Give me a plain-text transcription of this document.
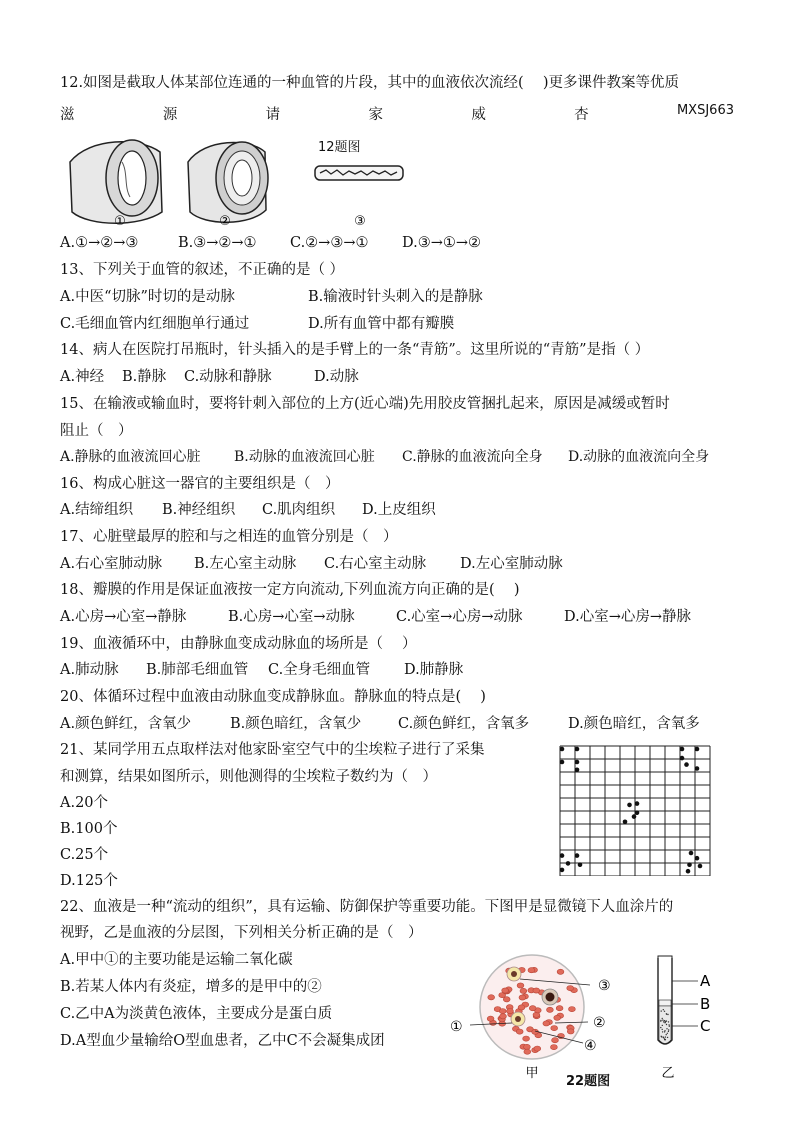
12.如图是截取人体某部位连通的一种血管的片段，其中的血液依次流经(　 )更多课件教案等优质
滋	源	请	家	威	杏	MXSJ663
12题图
①	②	③
A.①→②→③	B.③→②→① C.②→③→① D.③→①→②
13、下列关于血管的叙述，不正确的是（ ）
A.中医“切脉”时切的是动脉	B.输液时针头刺入的是静脉
C.毛细血管内红细胞单行通过	D.所有血管中都有瓣膜
14、病人在医院打吊瓶时，针头插入的是手臂上的一条“青筋”。这里所说的“青筋”是指（ ）
A.神经 B.静脉 C.动脉和静脉	D.动脉
15、在输液或输血时，要将针刺入部位的上方(近心端)先用胶皮管捆扎起来，原因是减缓或暂时
阻止（　）
A.静脉的血液流回心脏 B.动脉的血液流回心脏 C.静脉的血液流向全身 D.动脉的血液流向全身
16、构成心脏这一器官的主要组织是（　）
A.结缔组织 B.神经组织 C.肌肉组织 D.上皮组织
17、心脏壁最厚的腔和与之相连的血管分别是（　）
A.右心室肺动脉 B.左心室主动脉 C.右心室主动脉 D.左心室肺动脉
18、瓣膜的作用是保证血液按一定方向流动,下列血流方向正确的是(　 )
A.心房→心室→静脉	B.心房→心室→动脉	C.心室→心房→动脉	D.心室→心房→静脉
19、血液循环中，由静脉血变成动脉血的场所是（　 ）
A.肺动脉 B.肺部毛细血管 C.全身毛细血管 D.肺静脉
20、体循环过程中血液由动脉血变成静脉血。静脉血的特点是(　 )
A.颜色鲜红，含氧少	B.颜色暗红，含氧少	C.颜色鲜红，含氧多	D.颜色暗红，含氧多
21、某同学用五点取样法对他家卧室空气中的尘埃粒子进行了采集
和测算，结果如图所示，则他测得的尘埃粒子数约为（　）
A.20个
B.100个
C.25个
D.125个
22、血液是一种“流动的组织”，具有运输、防御保护等重要功能。下图甲是显微镜下人血涂片的
视野，乙是血液的分层图，下列相关分析正确的是（　）
A.甲中①的主要功能是运输二氧化碳
B.若某人体内有炎症，增多的是甲中的②
C.乙中A为淡黄色液体，主要成分是蛋白质
D.A型血少量输给O型血患者，乙中C不会凝集成团
③
②
①
④
甲
22题图
A
B
C
乙
